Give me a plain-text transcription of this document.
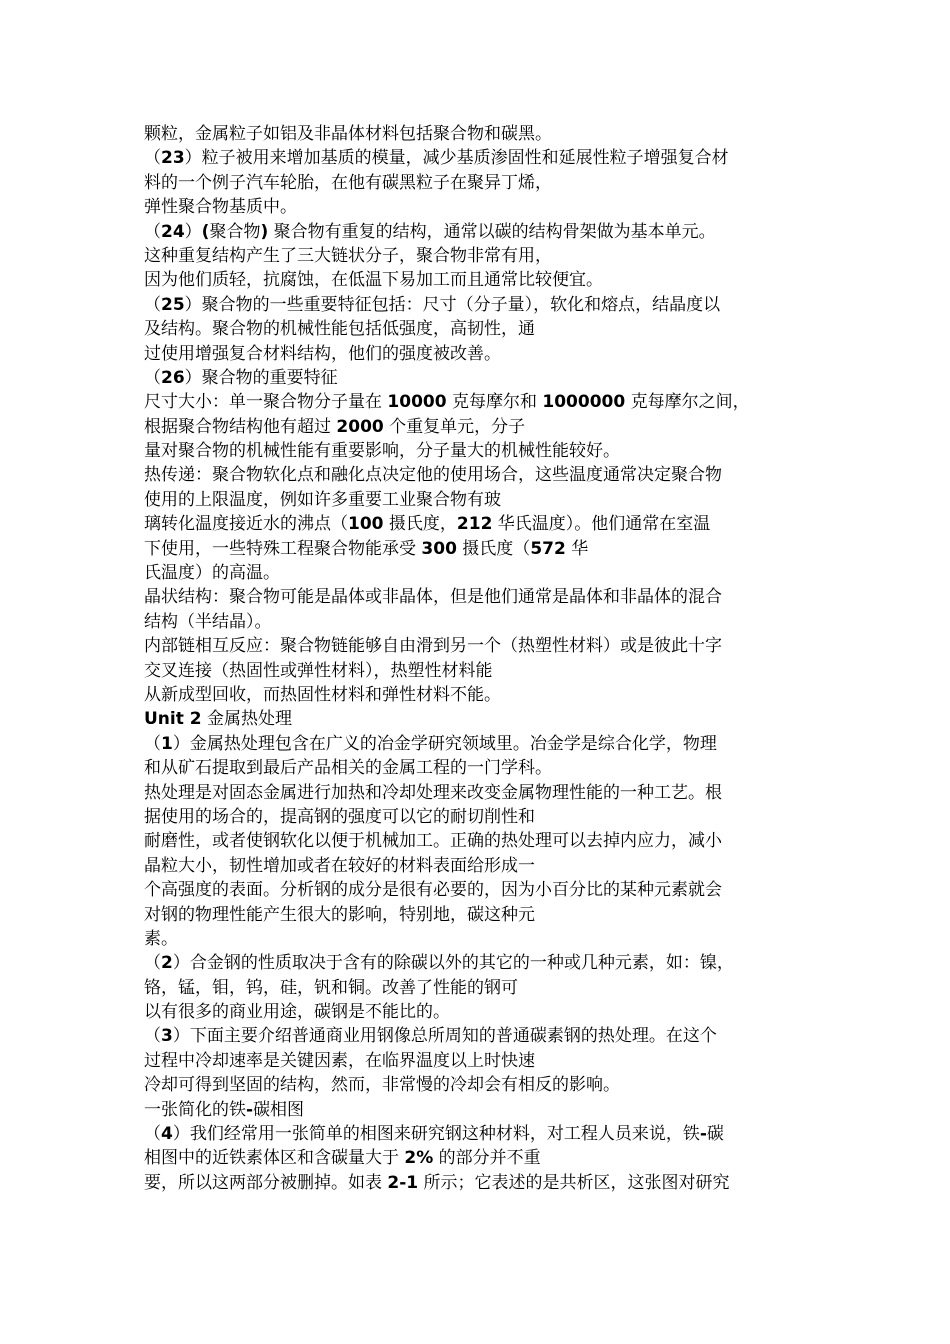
颗粒，金属粒子如铝及非晶体材料包括聚合物和碳黑。
（23）粒子被用来增加基质的模量，减少基质渗固性和延展性粒子增强复合材
料的一个例子汽车轮胎，在他有碳黑粒子在聚异丁烯，
弹性聚合物基质中。
（24）(聚合物) 聚合物有重复的结构，通常以碳的结构骨架做为基本单元。
这种重复结构产生了三大链状分子，聚合物非常有用，
因为他们质轻，抗腐蚀，在低温下易加工而且通常比较便宜。
（25）聚合物的一些重要特征包括：尺寸（分子量），软化和熔点，结晶度以
及结构。聚合物的机械性能包括低强度，高韧性，通
过使用增强复合材料结构，他们的强度被改善。
（26）聚合物的重要特征
尺寸大小：单一聚合物分子量在 10000 克每摩尔和 1000000 克每摩尔之间，
根据聚合物结构他有超过 2000 个重复单元，分子
量对聚合物的机械性能有重要影响，分子量大的机械性能较好。
热传递：聚合物软化点和融化点决定他的使用场合，这些温度通常决定聚合物
使用的上限温度，例如许多重要工业聚合物有玻
璃转化温度接近水的沸点（100 摄氏度，212 华氏温度）。他们通常在室温
下使用，一些特殊工程聚合物能承受 300 摄氏度（572 华
氏温度）的高温。
晶状结构：聚合物可能是晶体或非晶体，但是他们通常是晶体和非晶体的混合
结构（半结晶）。
内部链相互反应：聚合物链能够自由滑到另一个（热塑性材料）或是彼此十字
交叉连接（热固性或弹性材料），热塑性材料能
从新成型回收，而热固性材料和弹性材料不能。
Unit 2 金属热处理
（1）金属热处理包含在广义的冶金学研究领域里。冶金学是综合化学，物理
和从矿石提取到最后产品相关的金属工程的一门学科。
热处理是对固态金属进行加热和冷却处理来改变金属物理性能的一种工艺。根
据使用的场合的，提高钢的强度可以它的耐切削性和
耐磨性，或者使钢软化以便于机械加工。正确的热处理可以去掉内应力，减小
晶粒大小，韧性增加或者在较好的材料表面给形成一
个高强度的表面。分析钢的成分是很有必要的，因为小百分比的某种元素就会
对钢的物理性能产生很大的影响，特别地，碳这种元
素。
（2）合金钢的性质取决于含有的除碳以外的其它的一种或几种元素，如：镍，
铬，锰，钼，钨，硅，钒和铜。改善了性能的钢可
以有很多的商业用途，碳钢是不能比的。
（3）下面主要介绍普通商业用钢像总所周知的普通碳素钢的热处理。在这个
过程中冷却速率是关键因素，在临界温度以上时快速
冷却可得到坚固的结构，然而，非常慢的冷却会有相反的影响。
一张简化的铁-碳相图
（4）我们经常用一张简单的相图来研究钢这种材料，对工程人员来说，铁-碳
相图中的近铁素体区和含碳量大于 2% 的部分并不重
要，所以这两部分被删掉。如表 2-1 所示；它表述的是共析区，这张图对研究
